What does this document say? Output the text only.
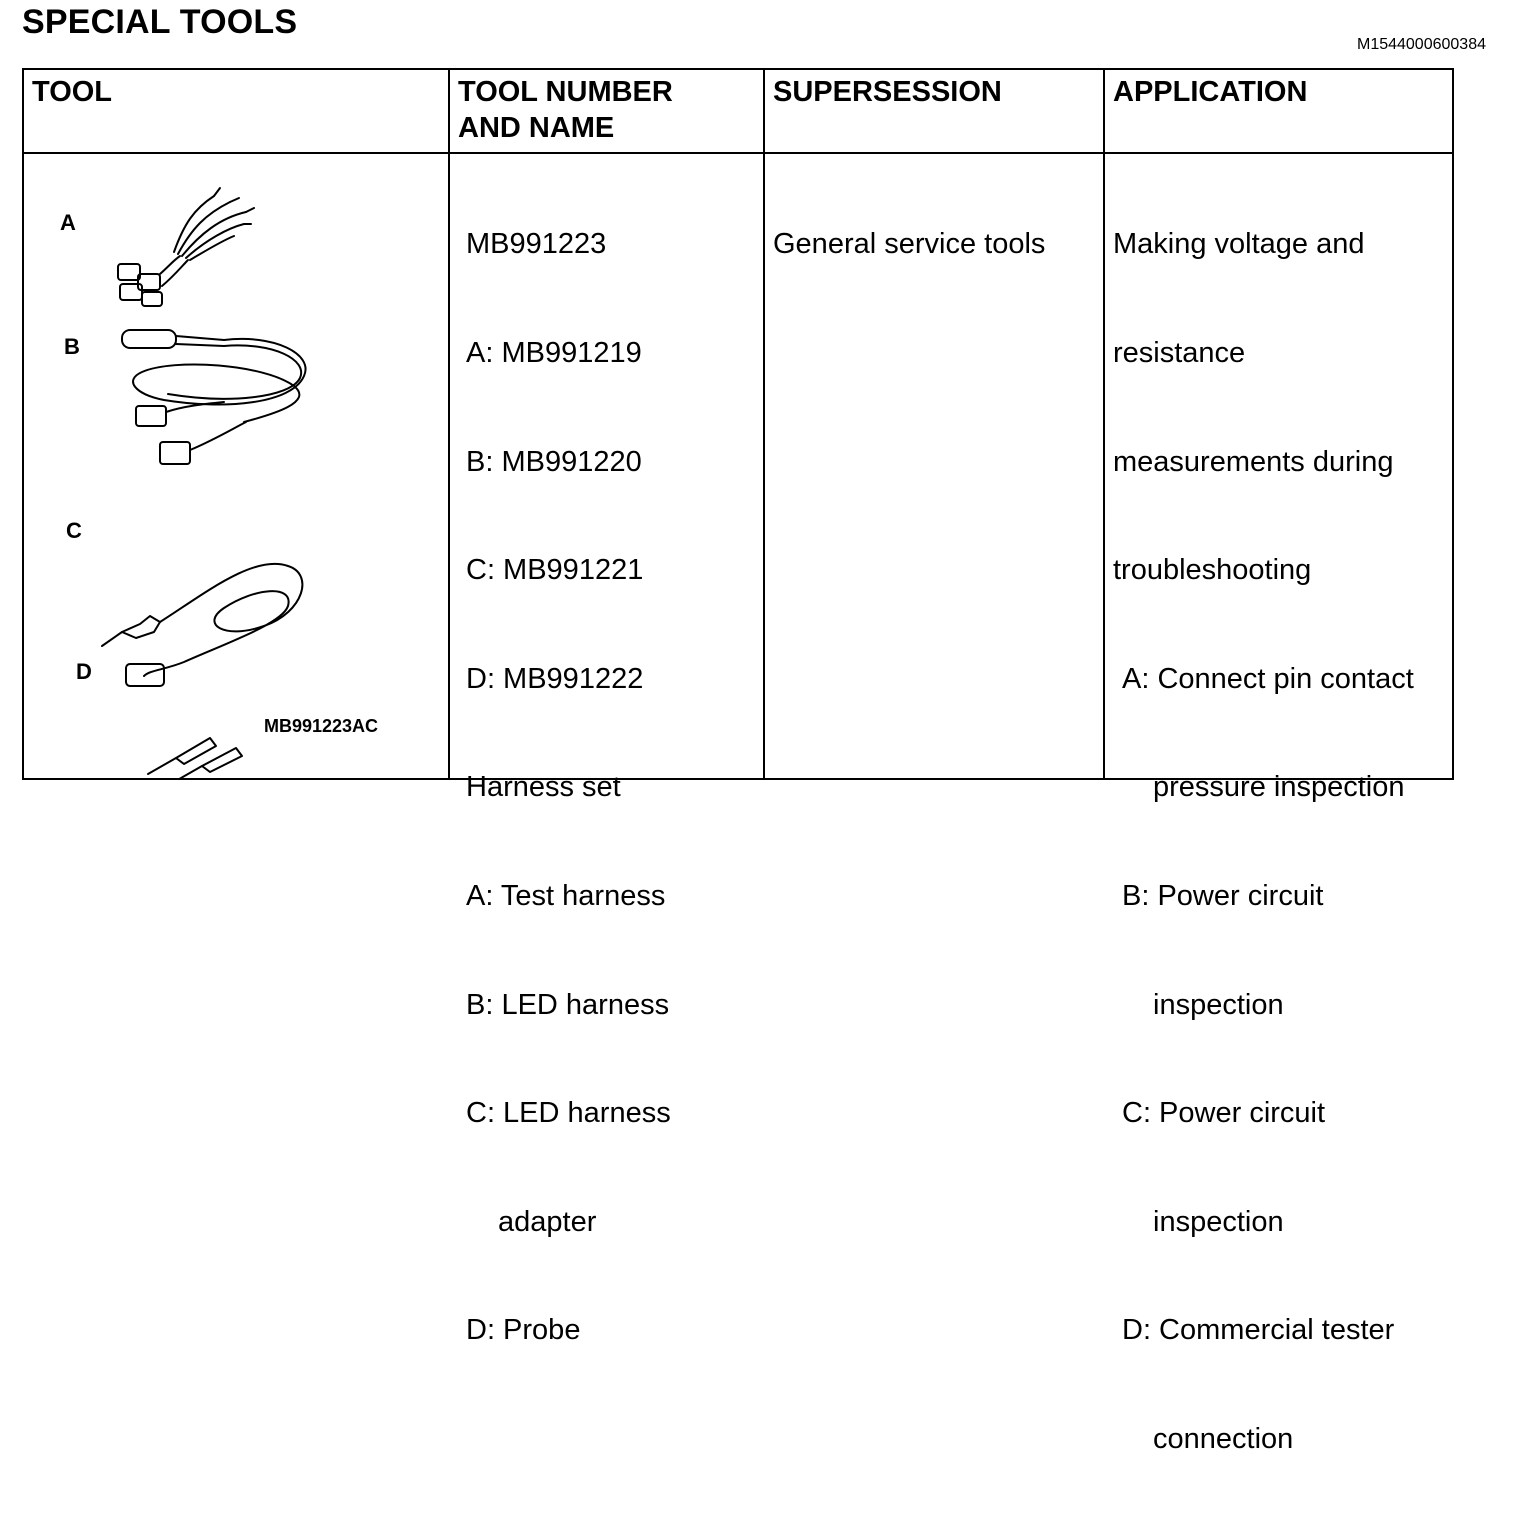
SPECIAL TOOLS
M1544000600384
TOOL	TOOL NUMBER
AND NAME
SUPERSESSION	APPLICATION
A
B
C
D
MB991223AC

MB991223

A: MB991219

B: MB991220

C: MB991221

D: MB991222

Harness set

A: Test harness

B: LED harness

C: LED harness

adapter

D: Probe

General service tools

Making voltage and

resistance

measurements during

troubleshooting

A: Connect pin contact

pressure inspection

B: Power circuit

inspection

C: Power circuit

inspection

D: Commercial tester

connection
